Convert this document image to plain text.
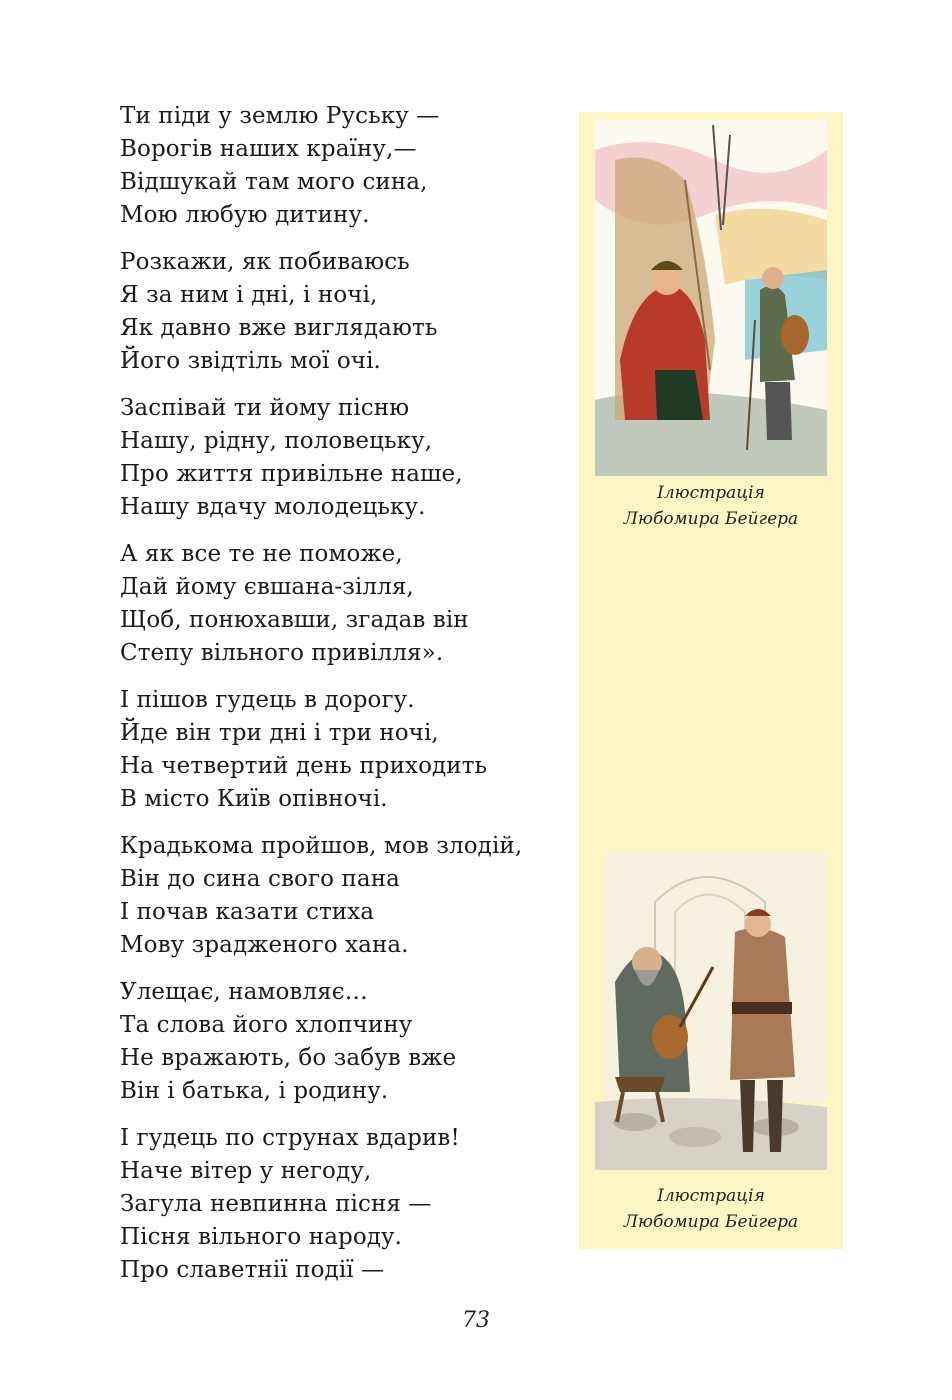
Ти піди у землю Руську —
Ворогів наших країну,—
Відшукай там мого сина,
Мою любую дитину.
Розкажи, як побиваюсь
Я за ним і дні, і ночі,
Як давно вже виглядають
Його звідтіль мої очі.
Заспівай ти йому пісню
Нашу, рідну, половецьку,
Про життя привільне наше,
Нашу вдачу молодецьку.
А як все те не поможе,
Дай йому євшана-зілля,
Щоб, понюхавши, згадав він
Степу вільного привілля».
І пішов гудець в дорогу.
Йде він три дні і три ночі,
На четвертий день приходить
В місто Київ опівночі.
Крадькома пройшов, мов злодій,
Він до сина свого пана
І почав казати стиха
Мову зрадженого хана.
Улещає, намовляє…
Та слова його хлопчину
Не вражають, бо забув вже
Він і батька, і родину.
І гудець по струнах вдарив!
Наче вітер у негоду,
Загула невпинна пісня —
Пісня вільного народу.
Про славетнії події —
Ілюстрація
Любомира Бейгера
Ілюстрація
Любомира Бейгера
73
